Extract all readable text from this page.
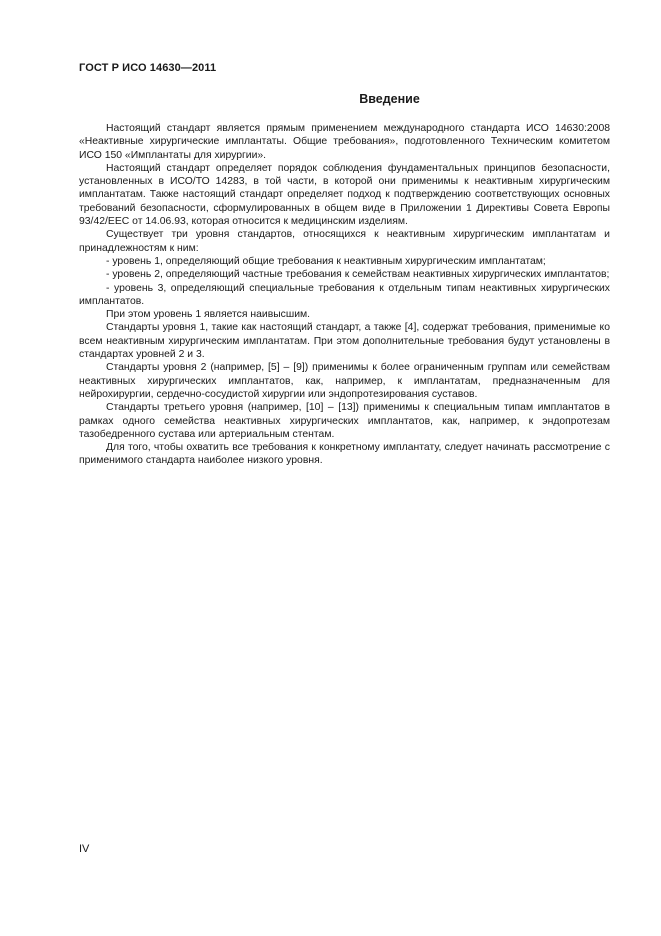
ГОСТ Р ИСО 14630—2011
Введение

Настоящий стандарт является прямым применением международного стандарта ИСО 14630:2008 «Неактивные хирургические имплантаты. Общие требования», подготовленного Техническим комитетом ИСО 150 «Имплантаты для хирургии».

Настоящий стандарт определяет порядок соблюдения фундаментальных принципов безопасности, установленных в ИСО/ТО 14283, в той части, в которой они применимы к неактивным хирургическим имплантатам. Также настоящий стандарт определяет подход к подтверждению соответствующих основных требований безопасности, сформулированных в общем виде в Приложении 1 Директивы Совета Европы 93/42/EEC от 14.06.93, которая относится к медицинским изделиям.

Существует три уровня стандартов, относящихся к неактивным хирургическим имплантатам и принадлежностям к ним:

- уровень 1, определяющий общие требования к неактивным хирургическим имплантатам;

- уровень 2, определяющий частные требования к семействам неактивных хирургических имплантатов;

- уровень 3, определяющий специальные требования к отдельным типам неактивных хирургических имплантатов.

При этом уровень 1 является наивысшим.

Стандарты уровня 1, такие как настоящий стандарт, а также [4], содержат требования, применимые ко всем неактивным хирургическим имплантатам. При этом дополнительные требования будут установлены в стандартах уровней 2 и 3.

Стандарты уровня 2 (например, [5] – [9]) применимы к более ограниченным группам или семействам неактивных хирургических имплантатов, как, например, к имплантатам, предназначенным для нейрохирургии, сердечно-сосудистой хирургии или эндопротезирования суставов.

Стандарты третьего уровня (например, [10] – [13]) применимы к специальным типам имплантатов в рамках одного семейства неактивных хирургических имплантатов, как, например, к эндопротезам тазобедренного сустава или артериальным стентам.

Для того, чтобы охватить все требования к конкретному имплантату, следует начинать рассмотрение с применимого стандарта наиболее низкого уровня.

IV
